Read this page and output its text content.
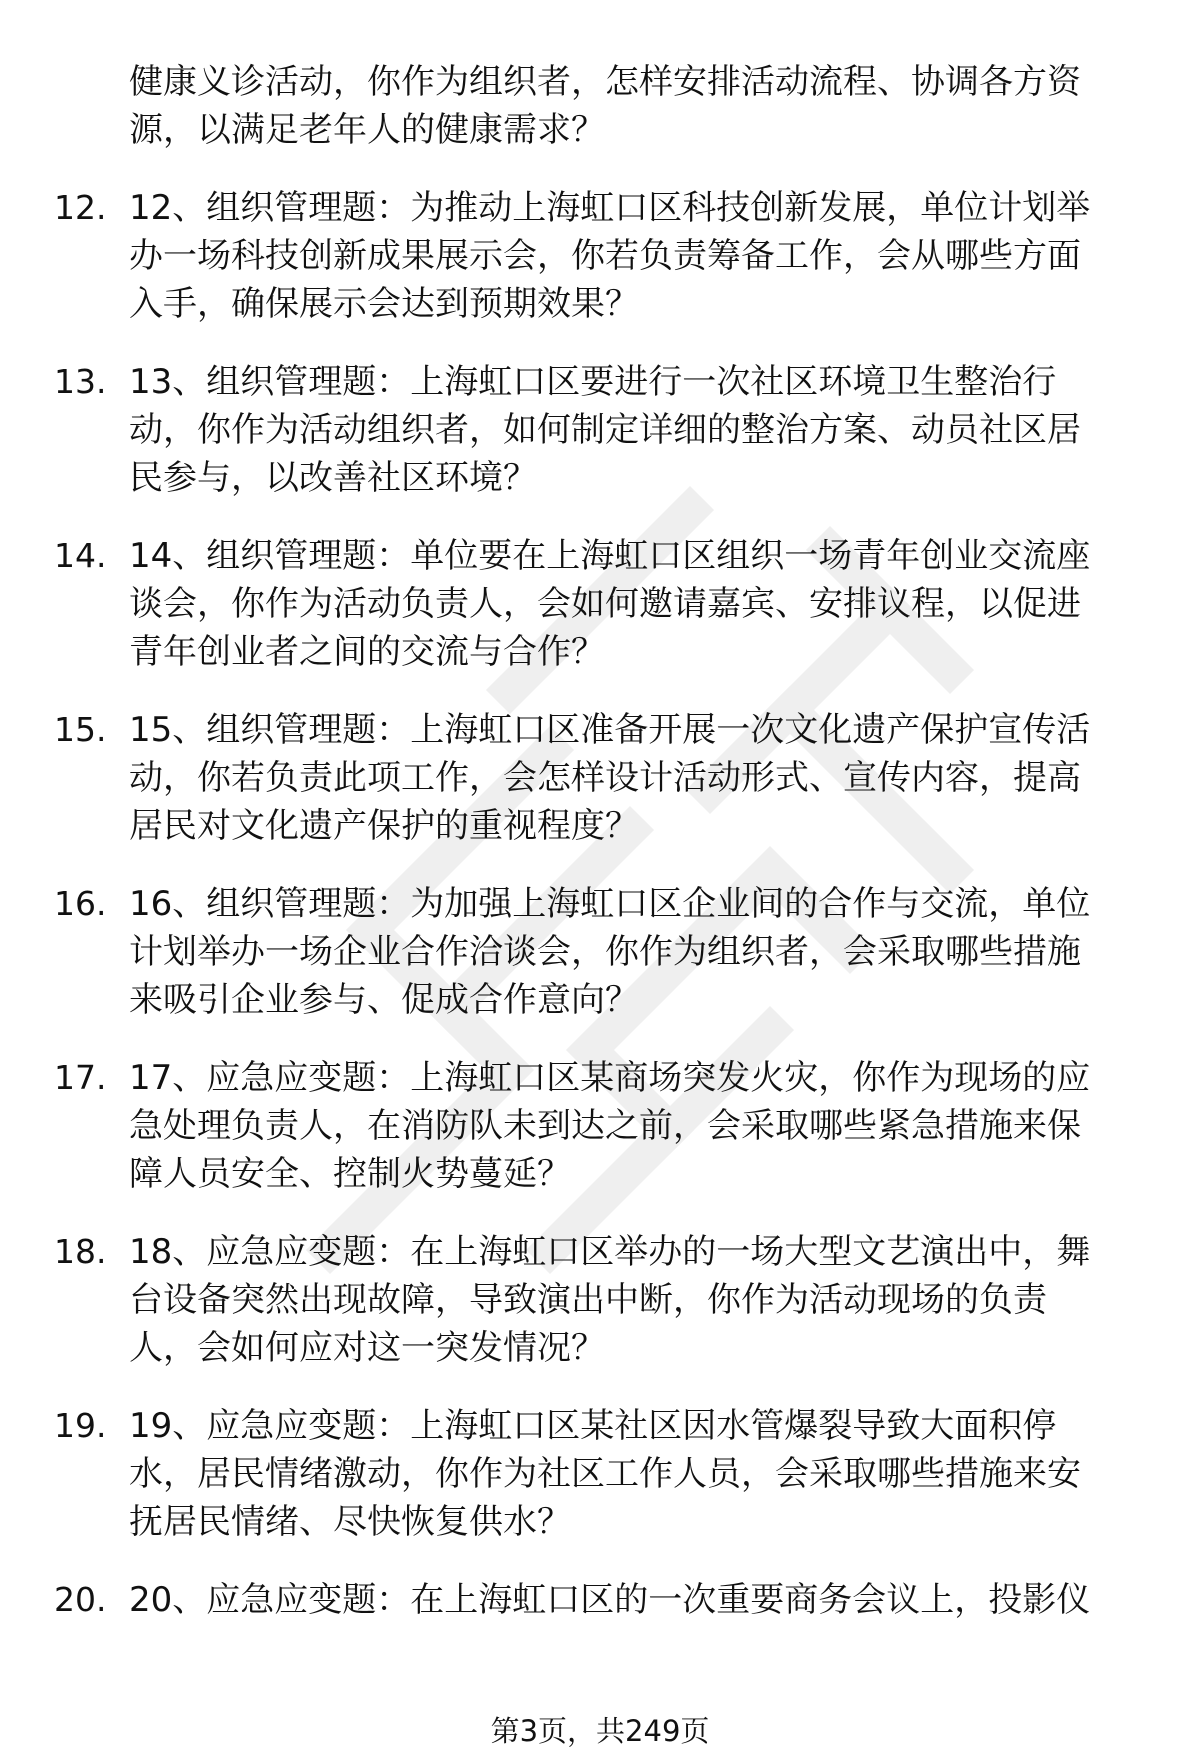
健康义诊活动，你作为组织者，怎样安排活动流程、协调各方资
源，以满足老年人的健康需求？
12. 12、组织管理题：为推动上海虹口区科技创新发展，单位计划举
办一场科技创新成果展示会，你若负责筹备工作，会从哪些方面
入手，确保展示会达到预期效果？
13. 13、组织管理题：上海虹口区要进行一次社区环境卫生整治行
动，你作为活动组织者，如何制定详细的整治方案、动员社区居
民参与，以改善社区环境？
14. 14、组织管理题：单位要在上海虹口区组织一场青年创业交流座
谈会，你作为活动负责人，会如何邀请嘉宾、安排议程，以促进
青年创业者之间的交流与合作？
15. 15、组织管理题：上海虹口区准备开展一次文化遗产保护宣传活
动，你若负责此项工作，会怎样设计活动形式、宣传内容，提高
居民对文化遗产保护的重视程度？
16. 16、组织管理题：为加强上海虹口区企业间的合作与交流，单位
计划举办一场企业合作洽谈会，你作为组织者，会采取哪些措施
来吸引企业参与、促成合作意向？
17. 17、应急应变题：上海虹口区某商场突发火灾，你作为现场的应
急处理负责人，在消防队未到达之前，会采取哪些紧急措施来保
障人员安全、控制火势蔓延？
18. 18、应急应变题：在上海虹口区举办的一场大型文艺演出中，舞
台设备突然出现故障，导致演出中断，你作为活动现场的负责
人，会如何应对这一突发情况？
19. 19、应急应变题：上海虹口区某社区因水管爆裂导致大面积停
水，居民情绪激动，你作为社区工作人员，会采取哪些措施来安
抚居民情绪、尽快恢复供水？
20. 20、应急应变题：在上海虹口区的一次重要商务会议上，投影仪
第3页，共249页
